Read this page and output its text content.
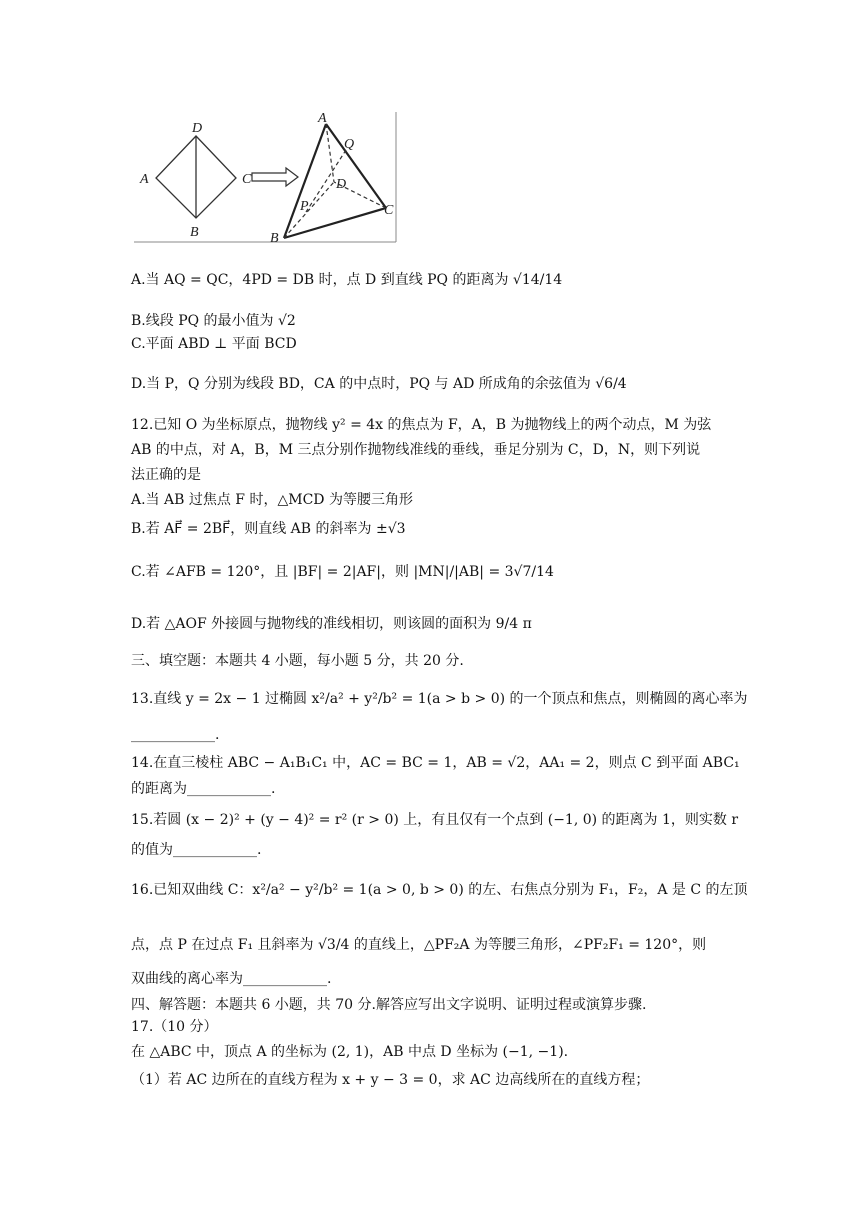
D
A	C
B
A
Q
D
P	C
B
A.当 AQ = QC，4PD = DB 时，点 D 到直线 PQ 的距离为 √14/14
B.线段 PQ 的最小值为 √2
C.平面 ABD ⊥ 平面 BCD
D.当 P，Q 分别为线段 BD，CA 的中点时，PQ 与 AD 所成角的余弦值为 √6/4
12.已知 O 为坐标原点，抛物线 y² = 4x 的焦点为 F，A，B 为抛物线上的两个动点，M 为弦
AB 的中点，对 A，B，M 三点分别作抛物线准线的垂线，垂足分别为 C，D，N，则下列说
法正确的是
A.当 AB 过焦点 F 时，△MCD 为等腰三角形
B.若 AF⃗ = 2BF⃗，则直线 AB 的斜率为 ±√3
C.若 ∠AFB = 120°，且 |BF| = 2|AF|，则 |MN|/|AB| = 3√7/14
D.若 △AOF 外接圆与抛物线的准线相切，则该圆的面积为 9/4 π
三、填空题：本题共 4 小题，每小题 5 分，共 20 分.
13.直线 y = 2x − 1 过椭圆 x²/a² + y²/b² = 1(a > b > 0) 的一个顶点和焦点，则椭圆的离心率为
____________.
14.在直三棱柱 ABC − A₁B₁C₁ 中，AC = BC = 1，AB = √2，AA₁ = 2，则点 C 到平面 ABC₁
的距离为____________.
15.若圆 (x − 2)² + (y − 4)² = r² (r > 0) 上，有且仅有一个点到 (−1, 0) 的距离为 1，则实数 r
的值为____________.
16.已知双曲线 C：x²/a² − y²/b² = 1(a > 0, b > 0) 的左、右焦点分别为 F₁，F₂，A 是 C 的左顶
点，点 P 在过点 F₁ 且斜率为 √3/4 的直线上，△PF₂A 为等腰三角形，∠PF₂F₁ = 120°，则
双曲线的离心率为____________.
四、解答题：本题共 6 小题，共 70 分.解答应写出文字说明、证明过程或演算步骤.
17.（10 分）
在 △ABC 中，顶点 A 的坐标为 (2, 1)，AB 中点 D 坐标为 (−1, −1).
（1）若 AC 边所在的直线方程为 x + y − 3 = 0，求 AC 边高线所在的直线方程；
